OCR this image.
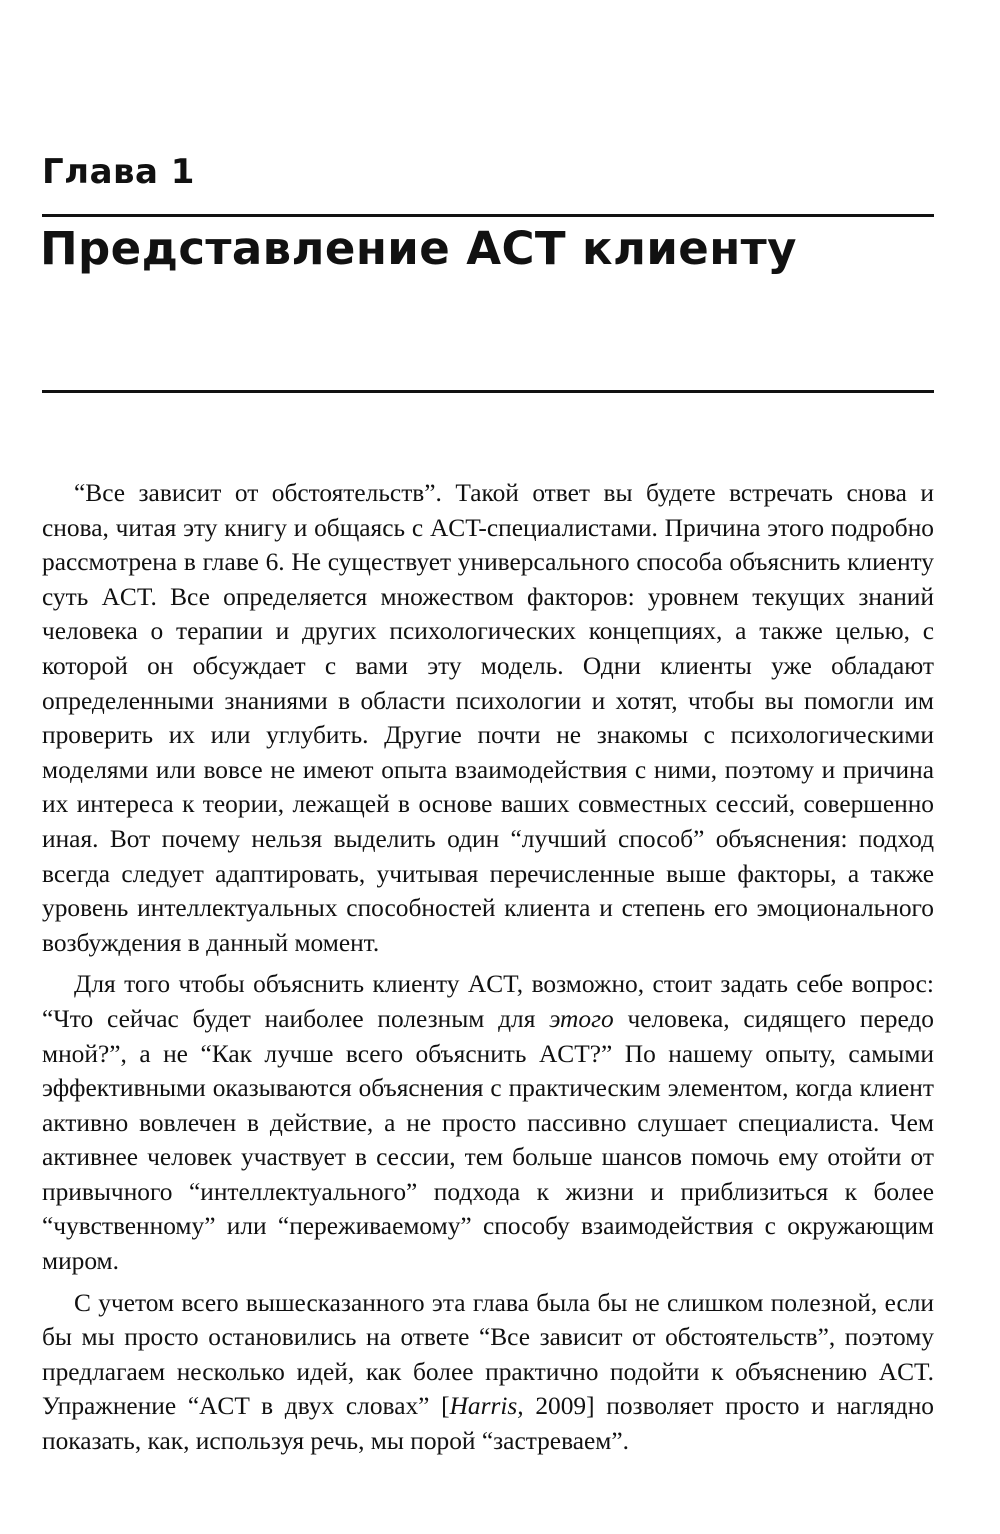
Глава 1
Представление ACT клиенту

“Все зависит от обстоятельств”. Такой ответ вы будете встречать снова и снова, читая эту книгу и общаясь с ACT-специалистами. Причина этого подробно рассмотрена в главе 6. Не существует универсального способа объяснить клиенту суть ACT. Все определяется множеством факторов: уровнем текущих знаний человека о терапии и других психологических концепциях, а также целью, с которой он обсуждает с вами эту модель. Одни клиенты уже обладают определенными знаниями в области психологии и хотят, чтобы вы помогли им проверить их или углубить. Другие почти не знакомы с психологическими моделями или вовсе не имеют опыта взаимодействия с ними, поэтому и причина их интереса к теории, лежащей в основе ваших совместных сессий, совершенно иная. Вот почему нельзя выделить один “лучший способ” объяснения: подход всегда следует адаптировать, учитывая перечисленные выше факторы, а также уровень интеллектуальных способностей клиента и степень его эмоционального возбуждения в данный момент.

Для того чтобы объяснить клиенту ACT, возможно, стоит задать себе вопрос: “Что сейчас будет наиболее полезным для этого человека, сидящего передо мной?”, а не “Как лучше всего объяснить ACT?” По нашему опыту, самыми эффективными оказываются объяснения с практическим элементом, когда клиент активно вовлечен в действие, а не просто пассивно слушает специалиста. Чем активнее человек участвует в сессии, тем больше шансов помочь ему отойти от привычного “интеллектуального” подхода к жизни и приблизиться к более “чувственному” или “переживаемому” способу взаимодействия с окружающим миром.

С учетом всего вышесказанного эта глава была бы не слишком полезной, если бы мы просто остановились на ответе “Все зависит от обстоятельств”, поэтому предлагаем несколько идей, как более практично подойти к объяснению ACT. Упражнение “ACT в двух словах” [Harris, 2009] позволяет просто и наглядно показать, как, используя речь, мы порой “застреваем”.
